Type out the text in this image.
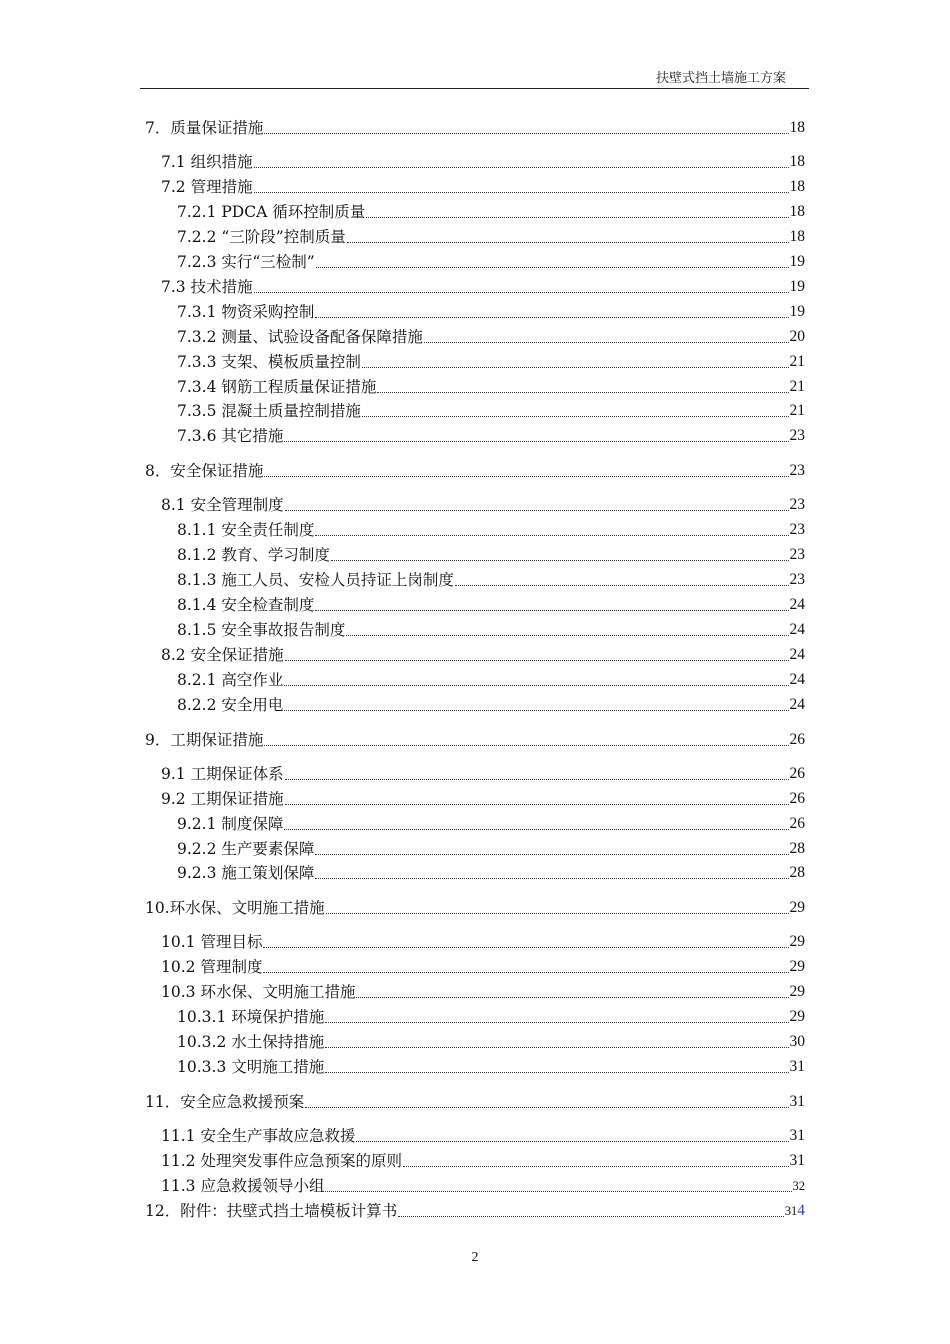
扶壁式挡土墙施工方案
7．质量保证措施	18
7.1 组织措施	18
7.2 管理措施	18
7.2.1 PDCA 循环控制质量	18
7.2.2 “三阶段”控制质量	18
7.2.3 实行“三检制”	19
7.3 技术措施	19
7.3.1 物资采购控制	19
7.3.2 测量、试验设备配备保障措施	20
7.3.3 支架、模板质量控制	21
7.3.4 钢筋工程质量保证措施	21
7.3.5 混凝土质量控制措施	21
7.3.6 其它措施	23
8．安全保证措施	23
8.1 安全管理制度	23
8.1.1 安全责任制度	23
8.1.2 教育、学习制度	23
8.1.3 施工人员、安检人员持证上岗制度	23
8.1.4 安全检查制度	24
8.1.5 安全事故报告制度	24
8.2 安全保证措施	24
8.2.1 高空作业	24
8.2.2 安全用电	24
9．工期保证措施	26
9.1 工期保证体系	26
9.2 工期保证措施	26
9.2.1 制度保障	26
9.2.2 生产要素保障	28
9.2.3 施工策划保障	28
10.环水保、文明施工措施	29
10.1 管理目标	29
10.2 管理制度	29
10.3 环水保、文明施工措施	29
10.3.1 环境保护措施	29
10.3.2 水土保持措施	30
10.3.3 文明施工措施	31
11．安全应急救援预案	31
11.1 安全生产事故应急救援	31
11.2 处理突发事件应急预案的原则	31
11.3 应急救援领导小组	32
12．附件：扶壁式挡土墙模板计算书	314
2
